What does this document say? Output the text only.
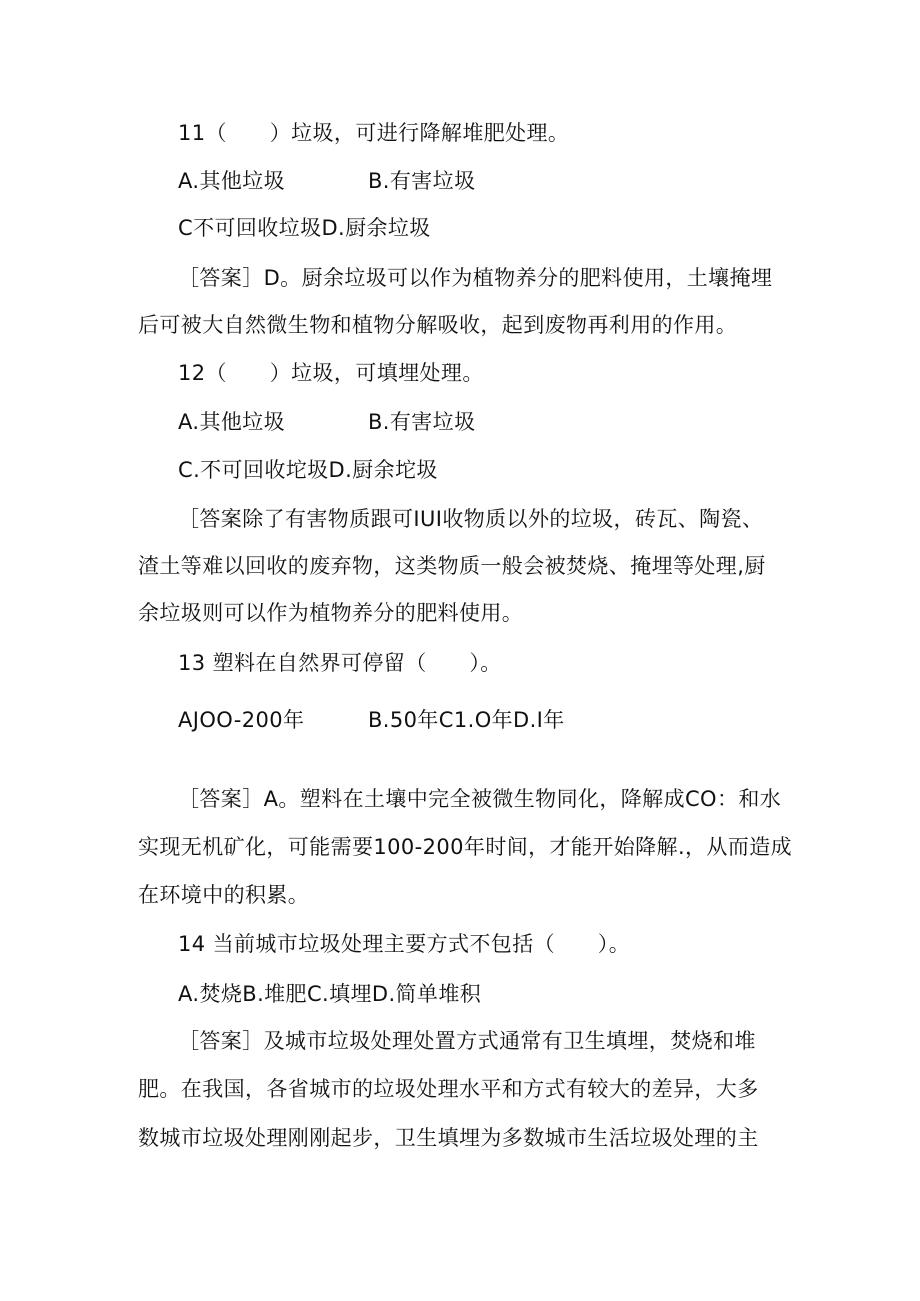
11（　　）垃圾，可进行降解堆肥处理。
A.其他垃圾	B.有害垃圾
C不可回收垃圾D.厨余垃圾
［答案］D。厨余垃圾可以作为植物养分的肥料使用，土壤掩埋
后可被大自然微生物和植物分解吸收，起到废物再利用的作用。
12（　　）垃圾，可填埋处理。
A.其他垃圾	B.有害垃圾
C.不可回收坨圾D.厨余坨圾
［答案除了有害物质跟可IUI收物质以外的垃圾，砖瓦、陶瓷、
渣土等难以回收的废弃物，这类物质一般会被焚烧、掩埋等处理,厨
余垃圾则可以作为植物养分的肥料使用。
13 塑料在自然界可停留（　　）。
AJOO-200年	B.50年C1.O年D.I年
［答案］A。塑料在土壤中完全被微生物同化，降解成CO：和水
实现无机矿化，可能需要100-200年时间，才能开始降解.，从而造成
在环境中的积累。
14 当前城市垃圾处理主要方式不包括（　　）。
A.焚烧B.堆肥C.填埋D.简单堆积
［答案］及城市垃圾处理处置方式通常有卫生填埋，焚烧和堆
肥。在我国，各省城市的垃圾处理水平和方式有较大的差异，大多
数城市垃圾处理刚刚起步，卫生填埋为多数城市生活垃圾处理的主
